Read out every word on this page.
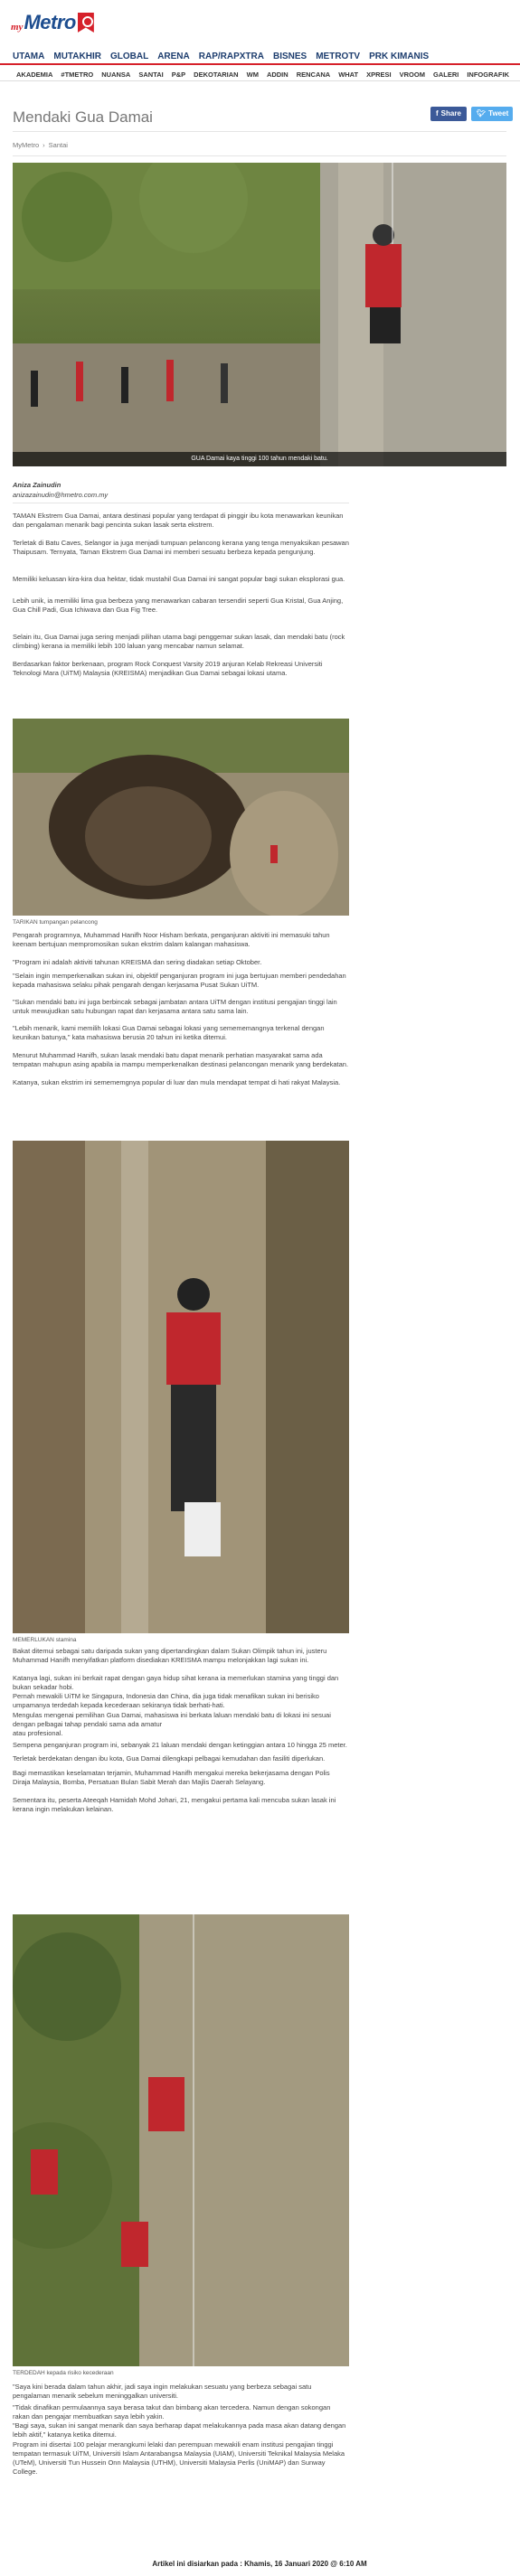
my Metro
UTAMA MUTAKHIR GLOBAL ARENA RAP/RAPXTRA BISNES METROTV PRK KIMANIS
AKADEMIA #TMETRO NUANSA SANTAI P&P DEKOTARIAN WM ADDIN RENCANA WHAT XPRESI VROOM GALERI INFOGRAFIK
Mendaki Gua Damai	f Share 🐦︎ Tweet
MyMetro › Santai
GUA Damai kaya tinggi 100 tahun mendaki batu.
Aniza Zainudin
anizazainudin@hmetro.com.my

TAMAN Ekstrem Gua Damai, antara destinasi popular yang terdapat di pinggir ibu kota menawarkan keunikan dan pengalaman menarik bagi pencinta sukan lasak serta ekstrem.

Terletak di Batu Caves, Selangor ia juga menjadi tumpuan pelancong kerana yang tenga menyaksikan pesawan Thaipusam. Ternyata, Taman Ekstrem Gua Damai ini memberi sesuatu berbeza kepada pengunjung.

Memiliki keluasan kira-kira dua hektar, tidak mustahil Gua Damai ini sangat popular bagi sukan eksplorasi gua.

Lebih unik, ia memiliki lima gua berbeza yang menawarkan cabaran tersendiri seperti Gua Kristal, Gua Anjing, Gua Chill Padi, Gua Ichiwava dan Gua Fig Tree.

Selain itu, Gua Damai juga sering menjadi pilihan utama bagi penggemar sukan lasak, dan mendaki batu (rock climbing) kerana ia memiliki lebih 100 laluan yang mencabar namun selamat.

Berdasarkan faktor berkenaan, program Rock Conquest Varsity 2019 anjuran Kelab Rekreasi Universiti Teknologi Mara (UiTM) Malaysia (KREISMA) menjadikan Gua Damai sebagai lokasi utama.

TARIKAN tumpangan pelancong

Pengarah programnya, Muhammad Hanifh Noor Hisham berkata, penganjuran aktiviti ini memasuki tahun keenam bertujuan mempromosikan sukan ekstrim dalam kalangan mahasiswa.

"Program ini adalah aktiviti tahunan KREISMA dan sering diadakan setiap Oktober.

"Selain ingin memperkenalkan sukan ini, objektif penganjuran program ini juga bertujuan memberi pendedahan kepada mahasiswa selaku pihak pengarah dengan kerjasama Pusat Sukan UiTM.

"Sukan mendaki batu ini juga berbincak sebagai jambatan antara UiTM dengan institusi pengajian tinggi lain untuk mewujudkan satu hubungan rapat dan kerjasama antara satu sama lain.

"Lebih menarik, kami memilih lokasi Gua Damai sebagai lokasi yang semememangnya terkenal dengan keunikan batunya," kata mahasiswa berusia 20 tahun ini ketika ditemui.

Menurut Muhammad Hanifh, sukan lasak mendaki batu dapat menarik perhatian masyarakat sama ada tempatan mahupun asing apabila ia mampu memperkenalkan destinasi pelancongan menarik yang berdekatan.

Katanya, sukan ekstrim ini semememgnya popular di luar dan mula mendapat tempat di hati rakyat Malaysia.

MEMERLUKAN stamina

Bakat ditemui sebagai satu daripada sukan yang dipertandingkan dalam Sukan Olimpik tahun ini, justeru Muhammad Hanifh menyifatkan platform disediakan KREISMA mampu melonjakkan lagi sukan ini.

Katanya lagi, sukan ini berkait rapat dengan gaya hidup sihat kerana ia memerlukan stamina yang tinggi dan bukan sekadar hobi.

Pernah mewakili UiTM ke Singapura, Indonesia dan China, dia juga tidak menafikan sukan ini berisiko umpamanya terdedah kepada kecederaan sekiranya tidak berhati-hati.

Mengulas mengenai pemilihan Gua Damai, mahasiswa ini berkata laluan mendaki batu di lokasi ini sesuai dengan pelbagai tahap pendaki sama ada amatur

atau profesional.

Sempena penganjuran program ini, sebanyak 21 laluan mendaki dengan ketinggian antara 10 hingga 25 meter.

Terletak berdekatan dengan ibu kota, Gua Damai dilengkapi pelbagai kemudahan dan fasiliti diperlukan.

Bagi memastikan keselamatan terjamin, Muhammad Hanifh mengakui mereka bekerjasama dengan Polis Diraja Malaysia, Bomba, Persatuan Bulan Sabit Merah dan Majlis Daerah Selayang.

Sementara itu, peserta Ateeqah Hamidah Mohd Johari, 21, mengakui pertama kali mencuba sukan lasak ini kerana ingin melakukan kelainan.

TERDEDAH kepada risiko kecederaan

"Saya kini berada dalam tahun akhir, jadi saya ingin melakukan sesuatu yang berbeza sebagai satu pengalaman menarik sebelum meninggalkan universiti.

"Tidak dinafikan permulaannya saya berasa takut dan bimbang akan tercedera. Namun dengan sokongan rakan dan pengajar membuatkan saya lebih yakin.

"Bagi saya, sukan ini sangat menarik dan saya berharap dapat melakukannya pada masa akan datang dengan lebih aktif," katanya ketika ditemui.

Program ini disertai 100 pelajar merangkumi lelaki dan perempuan mewakili enam institusi pengajian tinggi tempatan termasuk UiTM, Universiti Islam Antarabangsa Malaysia (UIAM), Universiti Teknikal Malaysia Melaka (UTeM), Universiti Tun Hussein Onn Malaysia (UTHM), Universiti Malaysia Perlis (UniMAP) dan Sunway College.

Artikel ini disiarkan pada : Khamis, 16 Januari 2020 @ 6:10 AM
